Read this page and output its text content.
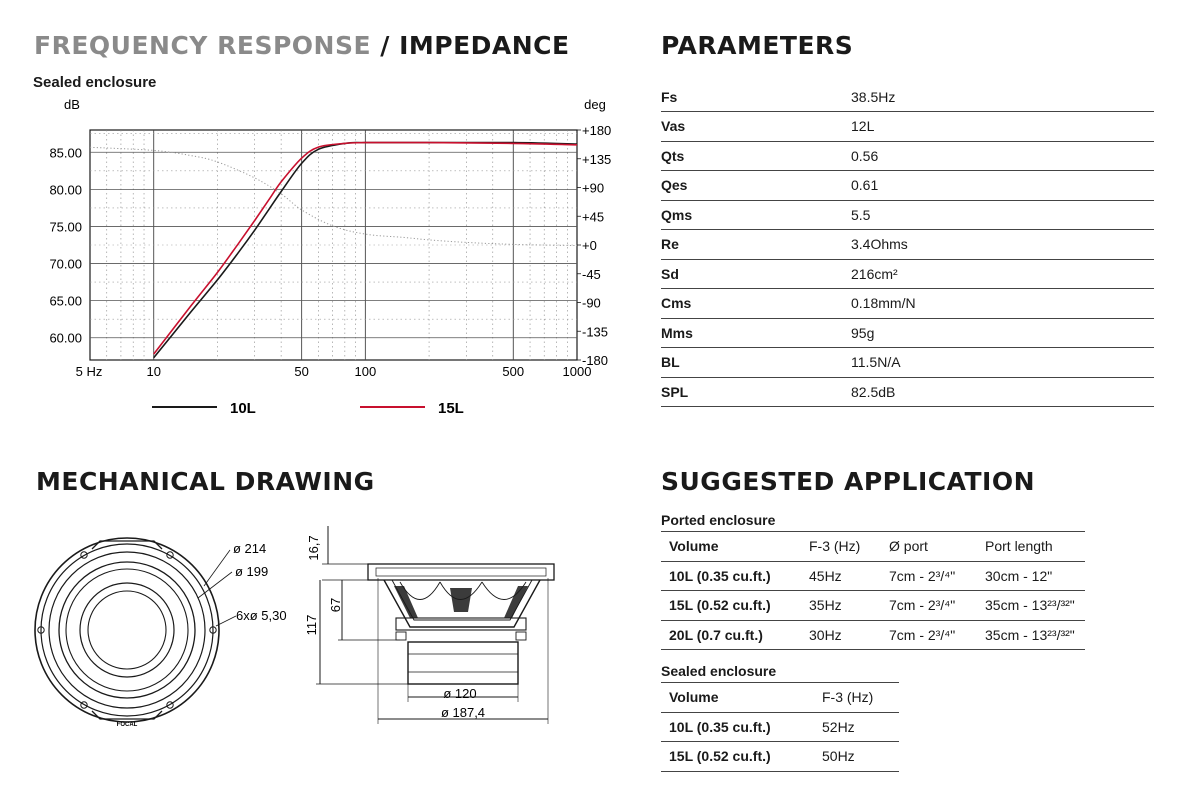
FREQUENCY RESPONSE / IMPEDANCE
Sealed enclosure
dB	deg
85.00
80.00
75.00
70.00
65.00
60.00
+180
+135
+90
+45
+0
-45
-90
-135
-180
5 Hz	10	50	100	500	1000
10L	15L
PARAMETERS
Fs	38.5Hz
Vas	12L
Qts	0.56
Qes	0.61
Qms	5.5
Re	3.4Ohms
Sd	216cm²
Cms	0.18mm/N
Mms	95g
BL	11.5N/A
SPL	82.5dB
MECHANICAL DRAWING
ø 214
ø 199
6xø 5,30
FOCAL
16,7
67
117
ø 120
ø 187,4
SUGGESTED APPLICATION
Ported enclosure
Volume	F-3 (Hz)	Ø port	Port length
10L (0.35 cu.ft.)	45Hz	7cm - 2³/⁴"	30cm - 12"
15L (0.52 cu.ft.)	35Hz	7cm - 2³/⁴"	35cm - 13²³/³²"
20L (0.7 cu.ft.)	30Hz	7cm - 2³/⁴"	35cm - 13²³/³²"
Sealed enclosure
Volume	F-3 (Hz)
10L (0.35 cu.ft.)	52Hz
15L (0.52 cu.ft.)	50Hz
